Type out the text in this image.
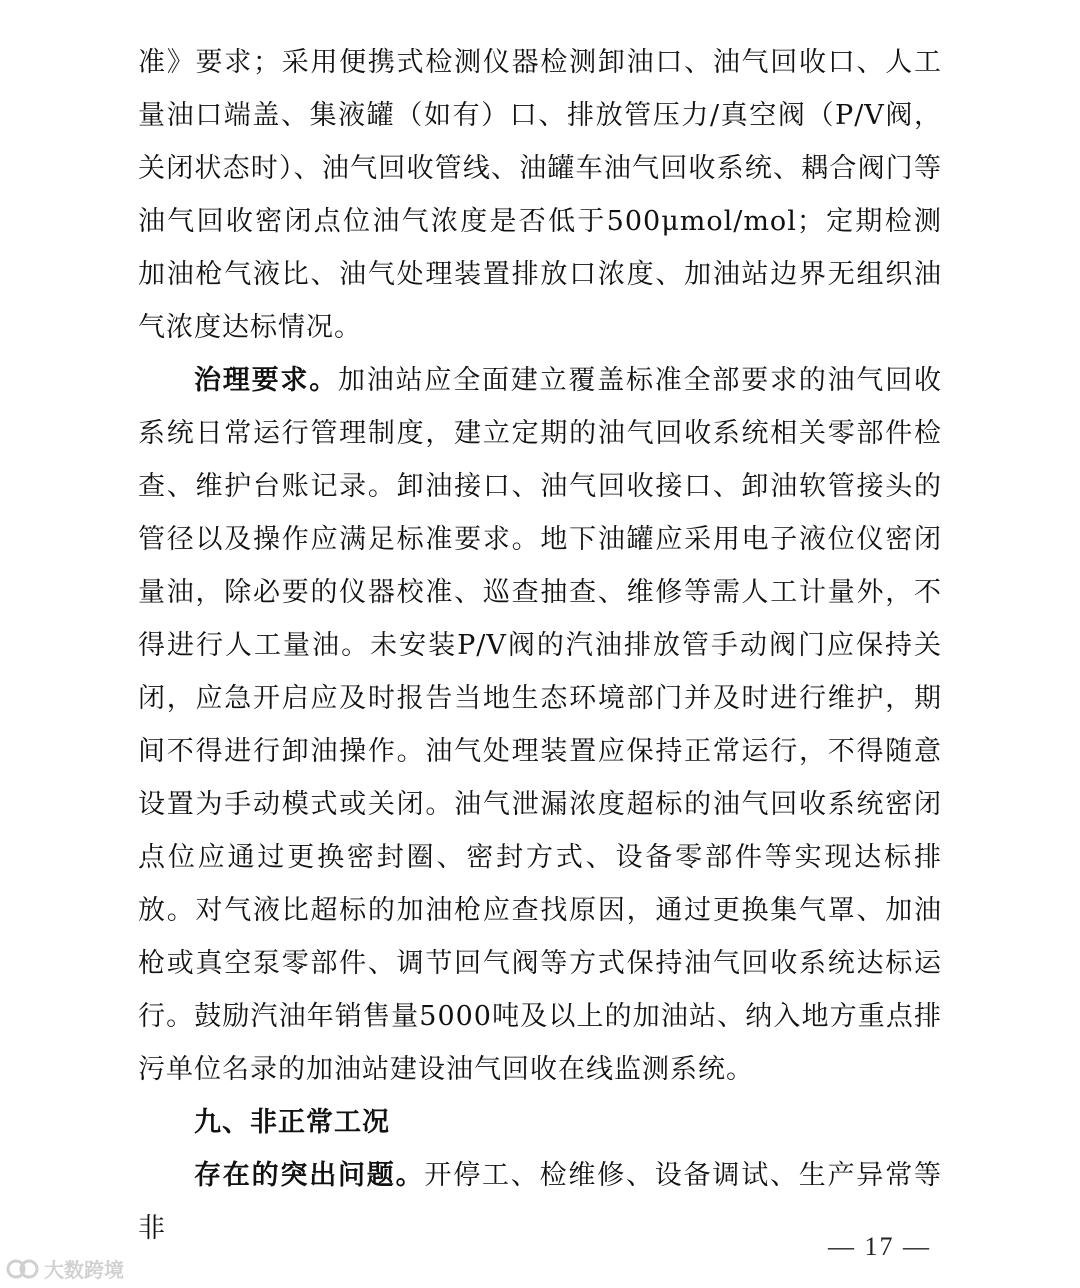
准》要求；采用便携式检测仪器检测卸油口、油气回收口、人工量油口端盖、集液罐（如有）口、排放管压力/真空阀（P/V阀，关闭状态时）、油气回收管线、油罐车油气回收系统、耦合阀门等油气回收密闭点位油气浓度是否低于500μmol/mol；定期检测加油枪气液比、油气处理装置排放口浓度、加油站边界无组织油气浓度达标情况。

治理要求。加油站应全面建立覆盖标准全部要求的油气回收系统日常运行管理制度，建立定期的油气回收系统相关零部件检查、维护台账记录。卸油接口、油气回收接口、卸油软管接头的管径以及操作应满足标准要求。地下油罐应采用电子液位仪密闭量油，除必要的仪器校准、巡查抽查、维修等需人工计量外，不得进行人工量油。未安装P/V阀的汽油排放管手动阀门应保持关闭，应急开启应及时报告当地生态环境部门并及时进行维护，期间不得进行卸油操作。油气处理装置应保持正常运行，不得随意设置为手动模式或关闭。油气泄漏浓度超标的油气回收系统密闭点位应通过更换密封圈、密封方式、设备零部件等实现达标排放。对气液比超标的加油枪应查找原因，通过更换集气罩、加油枪或真空泵零部件、调节回气阀等方式保持油气回收系统达标运行。鼓励汽油年销售量5000吨及以上的加油站、纳入地方重点排污单位名录的加油站建设油气回收在线监测系统。

九、非正常工况

存在的突出问题。开停工、检维修、设备调试、生产异常等非

— 17 —
大数跨境
